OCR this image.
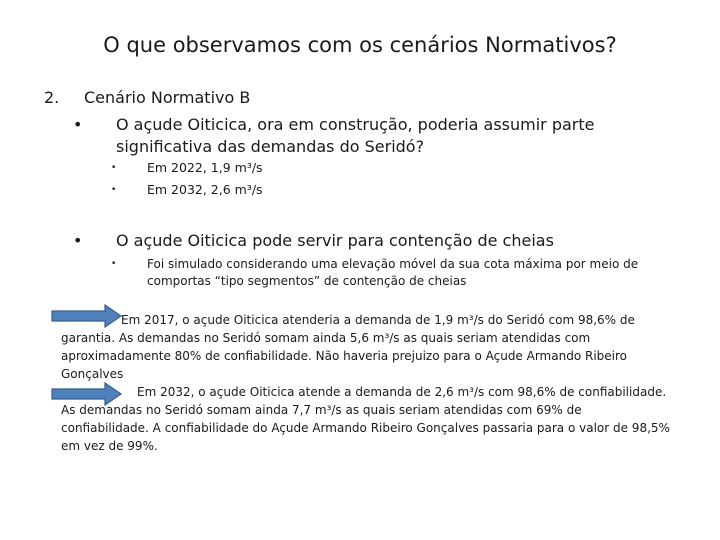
O que observamos com os cenários Normativos?
2. Cenário Normativo B
• O açude Oiticica, ora em construção, poderia assumir parte significativa das demandas do Seridó?
• Em 2022, 1,9 m³/s
• Em 2032, 2,6 m³/s
• O açude Oiticica pode servir para contenção de cheias
•	Foi simulado considerando uma elevação móvel da sua cota máxima por meio de comportas “tipo segmentos” de contenção de cheias

Em 2017, o açude Oiticica atenderia a demanda de 1,9 m³/s do Seridó com 98,6% de garantia. As demandas no Seridó somam ainda 5,6 m³/s as quais seriam atendidas com aproximadamente 80% de confiabilidade. Não haveria prejuizo para o Açude Armando Ribeiro Gonçalves

Em 2032, o açude Oiticica atende a demanda de 2,6 m³/s com 98,6% de confiabilidade. As demandas no Seridó somam ainda 7,7 m³/s as quais seriam atendidas com 69% de confiabilidade. A confiabilidade do Açude Armando Ribeiro Gonçalves passaria para o valor de 98,5% em vez de 99%.
